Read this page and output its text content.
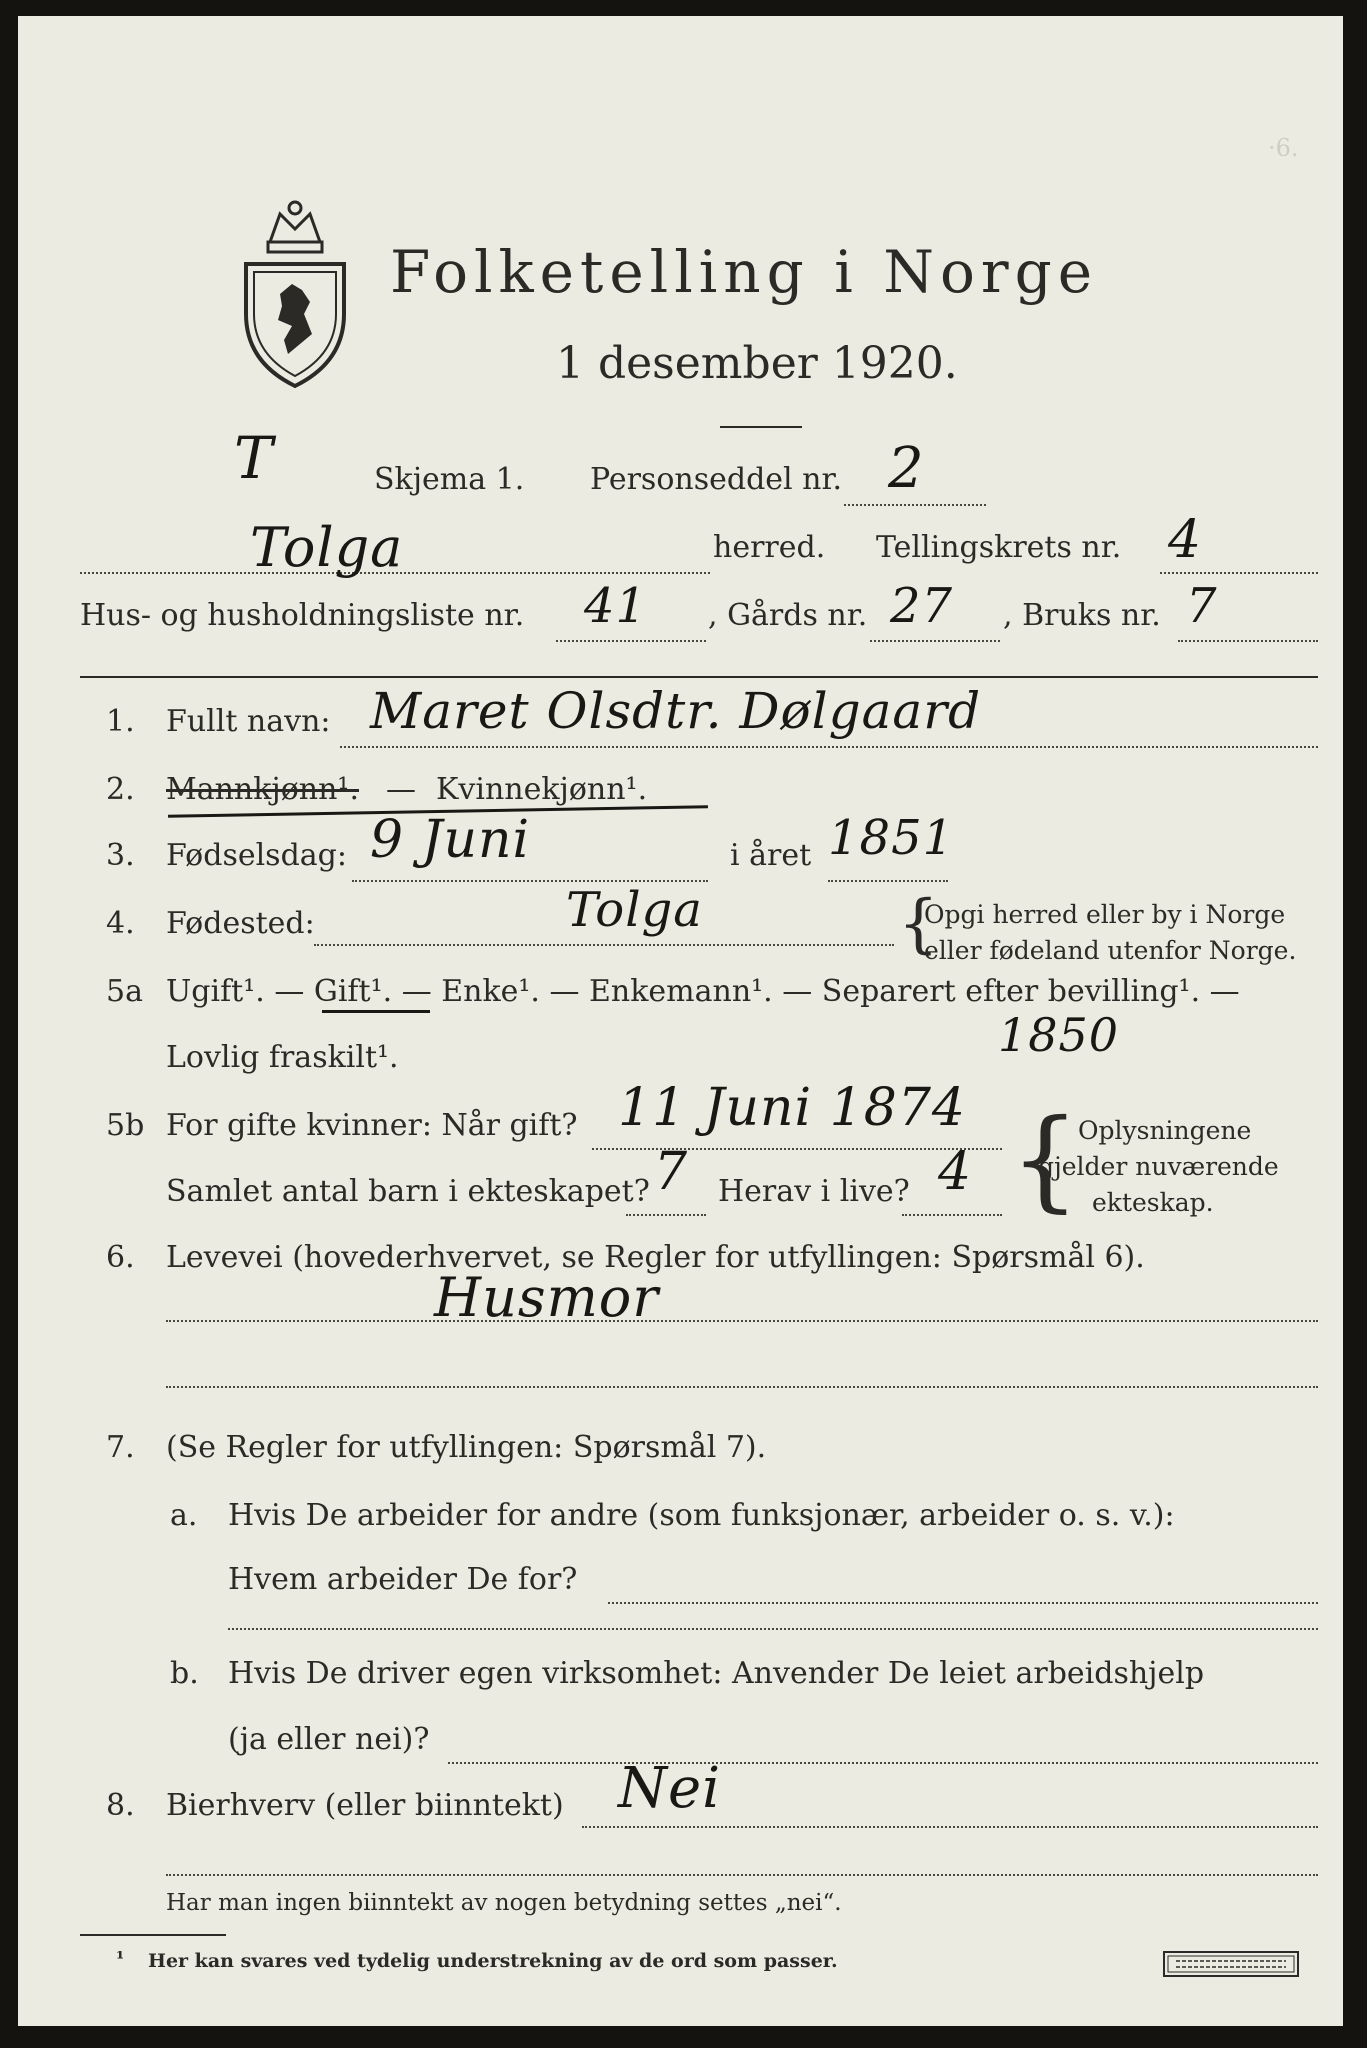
·6.
Folketelling i Norge
1 desember 1920.
T	Skjema 1. Personseddel nr. 2
Tolga	herred. Tellingskrets nr. 4
Hus- og husholdningsliste nr. 41 , Gårds nr. 27 , Bruks nr. 7
1. Fullt navn: Maret Olsdtr. Dølgaard
2. Mannkjønn¹. — Kvinnekjønn¹.
3. Fødselsdag: 9 Juni	i året 1851
4. Fødested:	Tolga	{
Opgi herred eller by i Norge
eller fødeland utenfor Norge.
5a Ugift¹. — Gift¹. — Enke¹. — Enkemann¹. — Separert efter bevilling¹. —
Lovlig fraskilt¹.	1850
5b For gifte kvinner: Når gift? 11 Juni 1874
Samlet antal barn i ekteskapet? 7 Herav i live? 4 {
Oplysningene
gjelder nuværende
ekteskap.
6. Levevei (hovederhvervet, se Regler for utfyllingen: Spørsmål 6).
Husmor
7. (Se Regler for utfyllingen: Spørsmål 7).
a. Hvis De arbeider for andre (som funksjonær, arbeider o. s. v.):
Hvem arbeider De for?
b. Hvis De driver egen virksomhet: Anvender De leiet arbeidshjelp
(ja eller nei)?
8. Bierhverv (eller biinntekt) Nei
Har man ingen biinntekt av nogen betydning settes „nei“.
¹ Her kan svares ved tydelig understrekning av de ord som passer.
